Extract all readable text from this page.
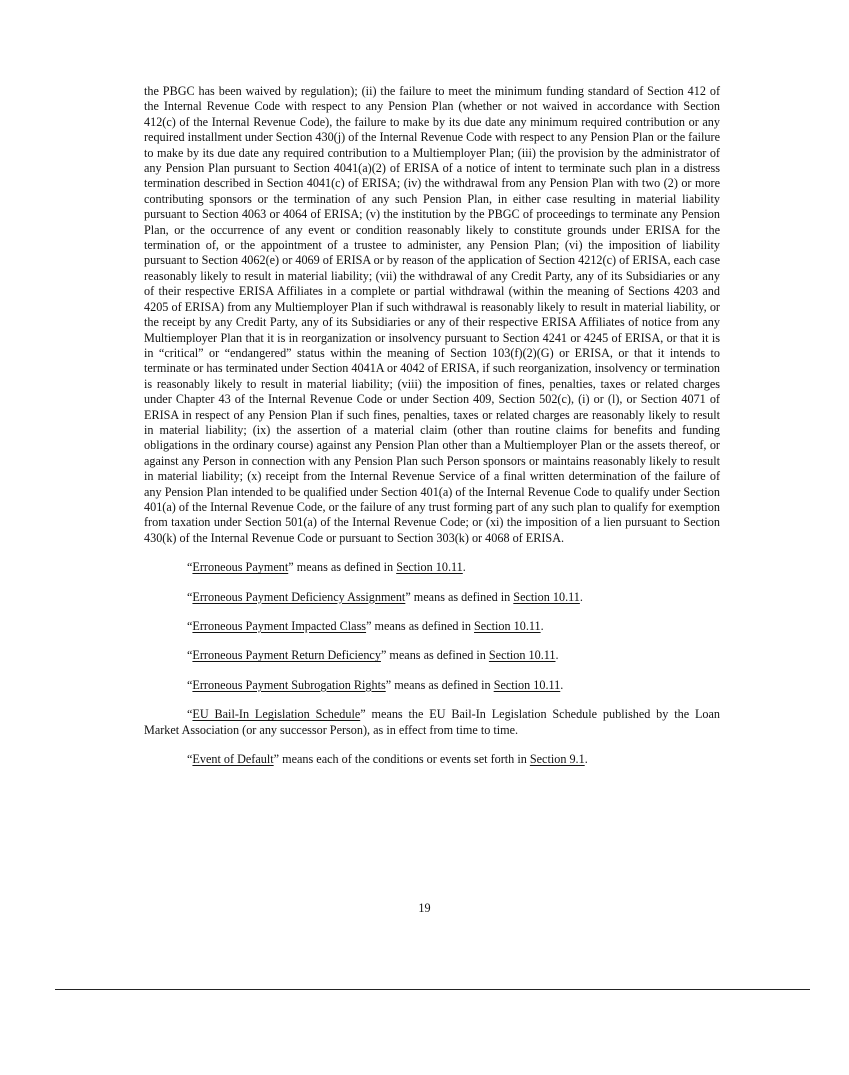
the PBGC has been waived by regulation); (ii) the failure to meet the minimum funding standard of Section 412 of the Internal Revenue Code with respect to any Pension Plan (whether or not waived in accordance with Section 412(c) of the Internal Revenue Code), the failure to make by its due date any minimum required contribution or any required installment under Section 430(j) of the Internal Revenue Code with respect to any Pension Plan or the failure to make by its due date any required contribution to a Multiemployer Plan; (iii) the provision by the administrator of any Pension Plan pursuant to Section 4041(a)(2) of ERISA of a notice of intent to terminate such plan in a distress termination described in Section 4041(c) of ERISA; (iv) the withdrawal from any Pension Plan with two (2) or more contributing sponsors or the termination of any such Pension Plan, in either case resulting in material liability pursuant to Section 4063 or 4064 of ERISA; (v) the institution by the PBGC of proceedings to terminate any Pension Plan, or the occurrence of any event or condition reasonably likely to constitute grounds under ERISA for the termination of, or the appointment of a trustee to administer, any Pension Plan; (vi) the imposition of liability pursuant to Section 4062(e) or 4069 of ERISA or by reason of the application of Section 4212(c) of ERISA, each case reasonably likely to result in material liability; (vii) the withdrawal of any Credit Party, any of its Subsidiaries or any of their respective ERISA Affiliates in a complete or partial withdrawal (within the meaning of Sections 4203 and 4205 of ERISA) from any Multiemployer Plan if such withdrawal is reasonably likely to result in material liability, or the receipt by any Credit Party, any of its Subsidiaries or any of their respective ERISA Affiliates of notice from any Multiemployer Plan that it is in reorganization or insolvency pursuant to Section 4241 or 4245 of ERISA, or that it is in “critical” or “endangered” status within the meaning of Section 103(f)(2)(G) or ERISA, or that it intends to terminate or has terminated under Section 4041A or 4042 of ERISA, if such reorganization, insolvency or termination is reasonably likely to result in material liability; (viii) the imposition of fines, penalties, taxes or related charges under Chapter 43 of the Internal Revenue Code or under Section 409, Section 502(c), (i) or (l), or Section 4071 of ERISA in respect of any Pension Plan if such fines, penalties, taxes or related charges are reasonably likely to result in material liability; (ix) the assertion of a material claim (other than routine claims for benefits and funding obligations in the ordinary course) against any Pension Plan other than a Multiemployer Plan or the assets thereof, or against any Person in connection with any Pension Plan such Person sponsors or maintains reasonably likely to result in material liability; (x) receipt from the Internal Revenue Service of a final written determination of the failure of any Pension Plan intended to be qualified under Section 401(a) of the Internal Revenue Code to qualify under Section 401(a) of the Internal Revenue Code, or the failure of any trust forming part of any such plan to qualify for exemption from taxation under Section 501(a) of the Internal Revenue Code; or (xi) the imposition of a lien pursuant to Section 430(k) of the Internal Revenue Code or pursuant to Section 303(k) or 4068 of ERISA.

“Erroneous Payment” means as defined in Section 10.11.

“Erroneous Payment Deficiency Assignment” means as defined in Section 10.11.

“Erroneous Payment Impacted Class” means as defined in Section 10.11.

“Erroneous Payment Return Deficiency” means as defined in Section 10.11.

“Erroneous Payment Subrogation Rights” means as defined in Section 10.11.

“EU Bail-In Legislation Schedule” means the EU Bail-In Legislation Schedule published by the Loan Market Association (or any successor Person), as in effect from time to time.

“Event of Default” means each of the conditions or events set forth in Section 9.1.

19
